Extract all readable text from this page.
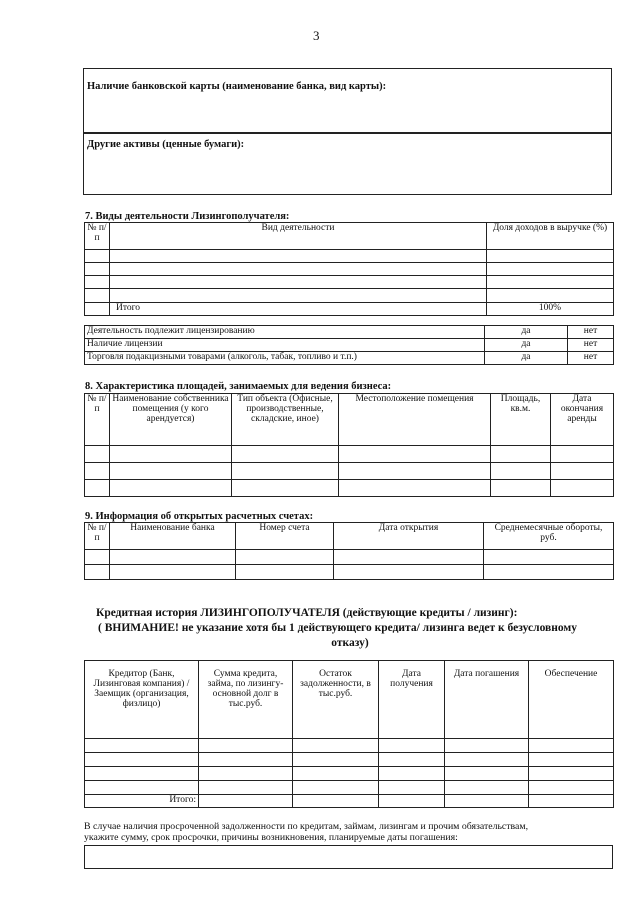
3
Наличие банковской карты (наименование банка, вид карты):
Другие активы (ценные бумаги):
7. Виды деятельности Лизингополучателя:
№ п/п	Вид деятельности	Доля доходов в выручке (%)

	Итого	100%
Деятельность подлежит лицензированию	да	нет
Наличие лицензии	да	нет
Торговля подакцизными товарами (алкоголь, табак, топливо и т.п.)	да	нет
8. Характеристика площадей, занимаемых для ведения бизнеса:
№ п/п	Наименование собственника помещения (у кого арендуется)	Тип объекта (Офисные, производственные, складские, иное)	Местоположение помещения	Площадь, кв.м.	Дата окончания аренды

9. Информация об открытых расчетных счетах:
№ п/п	Наименование банка	Номер счета	Дата открытия	Среднемесячные обороты, руб.

Кредитная история ЛИЗИНГОПОЛУЧАТЕЛЯ (действующие кредиты / лизинг):
( ВНИМАНИЕ! не указание хотя бы 1 действующего кредита/ лизинга ведет к безусловному
отказу)
Кредитор (Банк, Лизинговая компания) /Заемщик (организация, физлицо)	Сумма кредита, займа, по лизингу- основной долг в тыс.руб.	Остаток задолженности, в тыс.руб.	Дата получения	Дата погашения	Обеспечение

Итого:					
В случае наличия просроченной задолженности по кредитам, займам, лизингам и прочим обязательствам,
укажите сумму, срок просрочки, причины возникновения, планируемые даты погашения:
